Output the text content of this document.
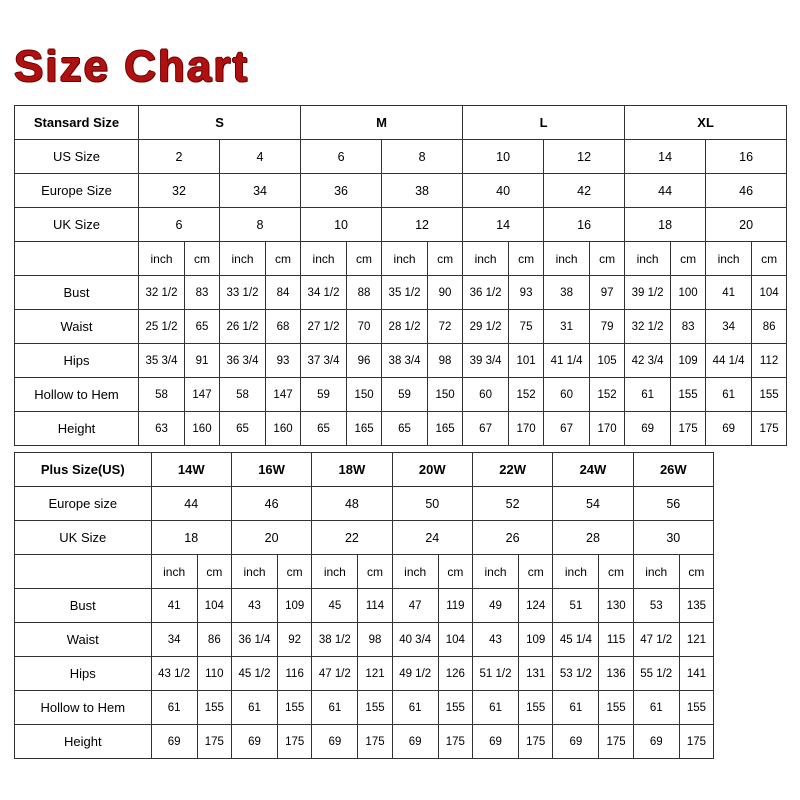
Size Chart
Stansard Size	S				M				L				XL			
US Size	2		4		6		8		10		12		14		16	
Europe Size	32		34		36		38		40		42		44		46	
UK Size	6		8		10		12		14		16		18		20	
	inch	cm	inch	cm	inch	cm	inch	cm	inch	cm	inch	cm	inch	cm	inch	cm
Bust	32 1/2	83	33 1/2	84	34 1/2	88	35 1/2	90	36 1/2	93	38	97	39 1/2	100	41	104
Waist	25 1/2	65	26 1/2	68	27 1/2	70	28 1/2	72	29 1/2	75	31	79	32 1/2	83	34	86
Hips	35 3/4	91	36 3/4	93	37 3/4	96	38 3/4	98	39 3/4	101	41 1/4	105	42 3/4	109	44 1/4	112
Hollow to Hem	58	147	58	147	59	150	59	150	60	152	60	152	61	155	61	155
Height	63	160	65	160	65	165	65	165	67	170	67	170	69	175	69	175
Plus Size(US)	14W		16W		18W		20W		22W		24W		26W	
Europe size	44		46		48		50		52		54		56	
UK Size	18		20		22		24		26		28		30	
	inch	cm	inch	cm	inch	cm	inch	cm	inch	cm	inch	cm	inch	cm
Bust	41	104	43	109	45	114	47	119	49	124	51	130	53	135
Waist	34	86	36 1/4	92	38 1/2	98	40 3/4	104	43	109	45 1/4	115	47 1/2	121
Hips	43 1/2	110	45 1/2	116	47 1/2	121	49 1/2	126	51 1/2	131	53 1/2	136	55 1/2	141
Hollow to Hem	61	155	61	155	61	155	61	155	61	155	61	155	61	155
Height	69	175	69	175	69	175	69	175	69	175	69	175	69	175
